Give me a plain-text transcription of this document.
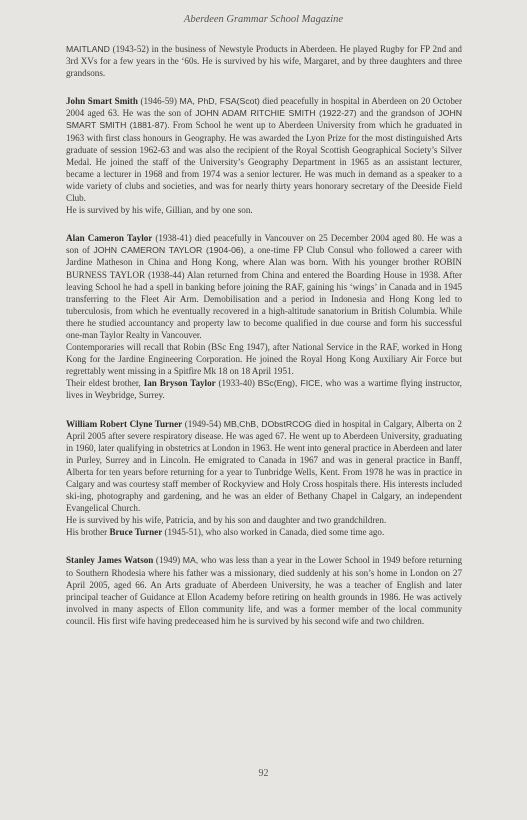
Aberdeen Grammar School Magazine

MAITLAND (1943-52) in the business of Newstyle Products in Aberdeen. He played Rugby for FP 2nd and 3rd XVs for a few years in the ‘60s. He is survived by his wife, Margaret, and by three daughters and three grandsons.

John Smart Smith (1946-59) MA, PhD, FSA(Scot) died peacefully in hospital in Aberdeen on 20 October 2004 aged 63. He was the son of JOHN ADAM RITCHIE SMITH (1922-27) and the grandson of JOHN SMART SMITH (1881-87). From School he went up to Aberdeen University from which he graduated in 1963 with first class honours in Geography. He was awarded the Lyon Prize for the most distinguished Arts graduate of session 1962-63 and was also the recipient of the Royal Scottish Geographical Society’s Silver Medal. He joined the staff of the University’s Geography Department in 1965 as an assistant lecturer, became a lecturer in 1968 and from 1974 was a senior lecturer. He was much in demand as a speaker to a wide variety of clubs and societies, and was for nearly thirty years honorary secretary of the Deeside Field Club.

He is survived by his wife, Gillian, and by one son.

Alan Cameron Taylor (1938-41) died peacefully in Vancouver on 25 December 2004 aged 80. He was a son of JOHN CAMERON TAYLOR (1904-06), a one-time FP Club Consul who followed a career with Jardine Matheson in China and Hong Kong, where Alan was born. With his younger brother ROBIN BURNESS TAYLOR (1938-44) Alan returned from China and entered the Boarding House in 1938. After leaving School he had a spell in banking before joining the RAF, gaining his ‘wings’ in Canada and in 1945 transferring to the Fleet Air Arm. Demobilisation and a period in Indonesia and Hong Kong led to tuberculosis, from which he eventually recovered in a high-altitude sanatorium in British Columbia. While there he studied accountancy and property law to become qualified in due course and form his successful one-man Taylor Realty in Vancouver.

Contemporaries will recall that Robin (BSc Eng 1947), after National Service in the RAF, worked in Hong Kong for the Jardine Engineering Corporation. He joined the Royal Hong Kong Auxiliary Air Force but regrettably went missing in a Spitfire Mk 18 on 18 April 1951.

Their eldest brother, Ian Bryson Taylor (1933-40) BSc(Eng), FICE, who was a wartime flying instructor, lives in Weybridge, Surrey.

William Robert Clyne Turner (1949-54) MB,ChB, DObstRCOG died in hospital in Calgary, Alberta on 2 April 2005 after severe respiratory disease. He was aged 67. He went up to Aberdeen University, graduating in 1960, later qualifying in obstetrics at London in 1963. He went into general practice in Aberdeen and later in Purley, Surrey and in Lincoln. He emigrated to Canada in 1967 and was in general practice in Banff, Alberta for ten years before returning for a year to Tunbridge Wells, Kent. From 1978 he was in practice in Calgary and was courtesy staff member of Rockyview and Holy Cross hospitals there. His interests included ski-ing, photography and gardening, and he was an elder of Bethany Chapel in Calgary, an independent Evangelical Church.

He is survived by his wife, Patricia, and by his son and daughter and two grandchildren.

His brother Bruce Turner (1945-51), who also worked in Canada, died some time ago.

Stanley James Watson (1949) MA, who was less than a year in the Lower School in 1949 before returning to Southern Rhodesia where his father was a missionary, died suddenly at his son’s home in London on 27 April 2005, aged 66. An Arts graduate of Aberdeen University, he was a teacher of English and later principal teacher of Guidance at Ellon Academy before retiring on health grounds in 1986. He was actively involved in many aspects of Ellon community life, and was a former member of the local community council. His first wife having predeceased him he is survived by his second wife and two children.

92
